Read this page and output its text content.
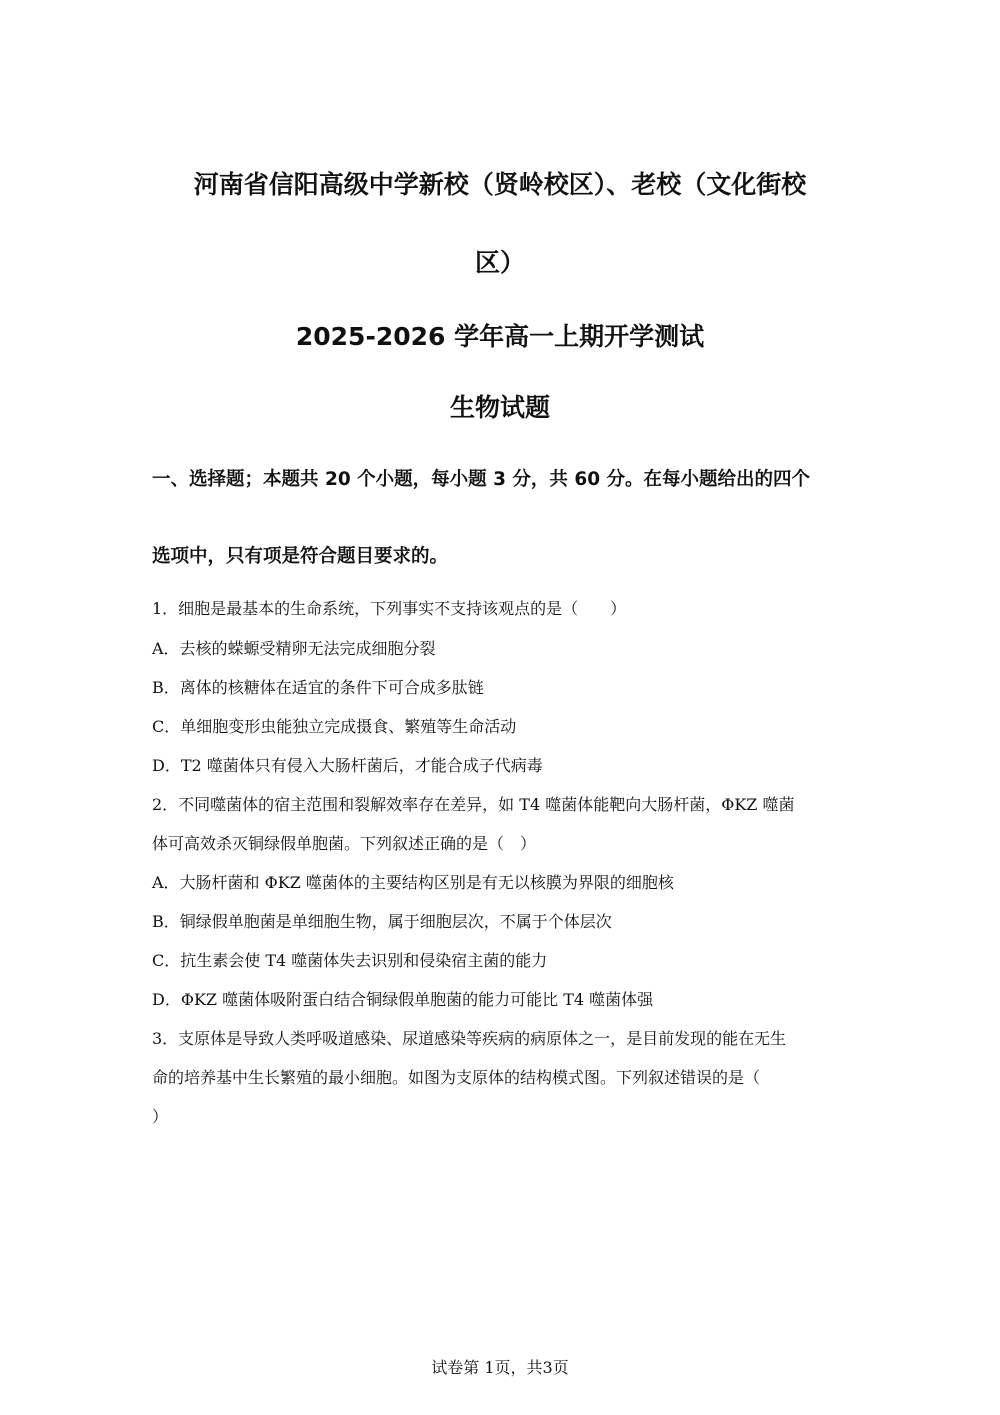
河南省信阳高级中学新校（贤岭校区）、老校（文化街校
区）
2025-2026 学年高一上期开学测试
生物试题
一、选择题；本题共 20 个小题，每小题 3 分，共 60 分。在每小题给出的四个
选项中，只有项是符合题目要求的。
1．细胞是最基本的生命系统，下列事实不支持该观点的是（　　）
A．去核的蝾螈受精卵无法完成细胞分裂
B．离体的核糖体在适宜的条件下可合成多肽链
C．单细胞变形虫能独立完成摄食、繁殖等生命活动
D．T2 噬菌体只有侵入大肠杆菌后，才能合成子代病毒
2．不同噬菌体的宿主范围和裂解效率存在差异，如 T4 噬菌体能靶向大肠杆菌，ΦKZ 噬菌
体可高效杀灭铜绿假单胞菌。下列叙述正确的是（　）
A．大肠杆菌和 ΦKZ 噬菌体的主要结构区别是有无以核膜为界限的细胞核
B．铜绿假单胞菌是单细胞生物，属于细胞层次，不属于个体层次
C．抗生素会使 T4 噬菌体失去识别和侵染宿主菌的能力
D．ΦKZ 噬菌体吸附蛋白结合铜绿假单胞菌的能力可能比 T4 噬菌体强
3．支原体是导致人类呼吸道感染、尿道感染等疾病的病原体之一，是目前发现的能在无生
命的培养基中生长繁殖的最小细胞。如图为支原体的结构模式图。下列叙述错误的是（
）
试卷第 1页，共3页
